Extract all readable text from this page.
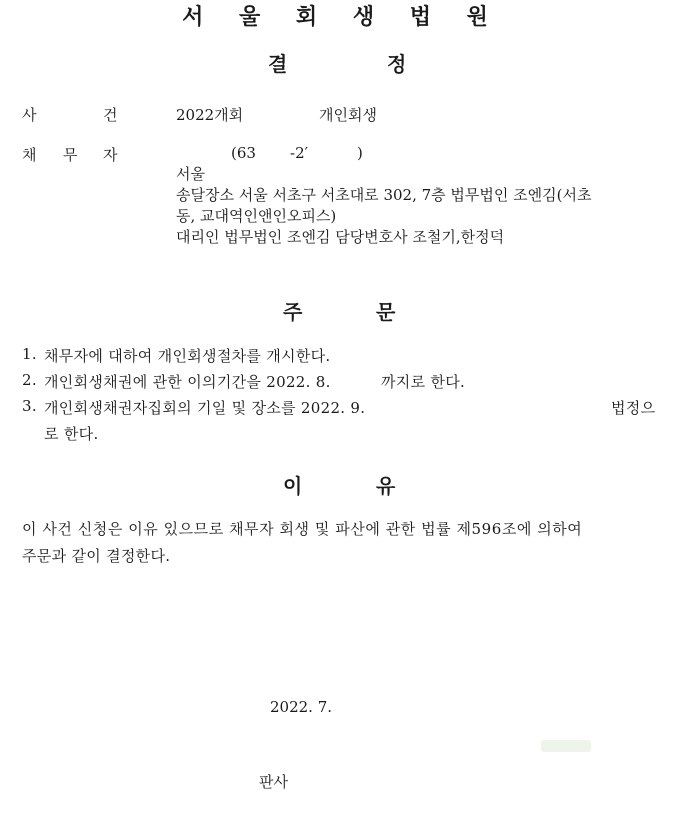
서 울 회 생 법 원
결	정
사	건	2022개회	개인회생
채 무 자	(63 -2′	)
서울
송달장소 서울 서초구 서초대로 302, 7층 법무법인 조엔김(서초
동, 교대역인앤인오피스)
대리인 법무법인 조엔김 담당변호사 조철기,한정덕
주	문
1. 채무자에 대하여 개인회생절차를 개시한다.
2. 개인회생채권에 관한 이의기간을 2022. 8.	까지로 한다.
3. 개인회생채권자집회의 기일 및 장소를 2022. 9.	법정으
로 한다.
이	유
이 사건 신청은 이유 있으므로 채무자 회생 및 파산에 관한 법률 제596조에 의하여
주문과 같이 결정한다.
2022. 7.
판사
